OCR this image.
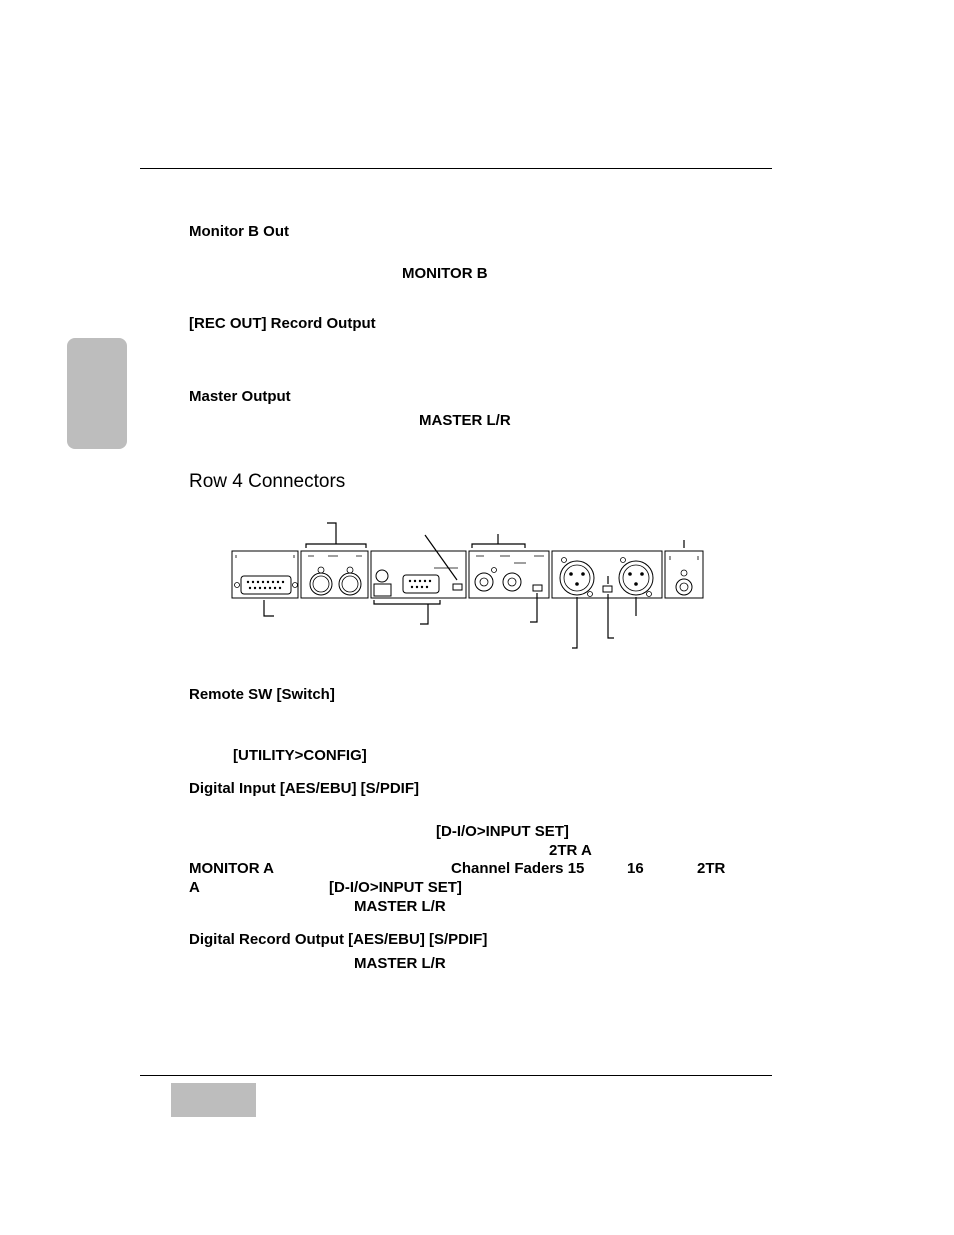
Monitor B Out
MONITOR B
[REC OUT] Record Output
Master Output
MASTER L/R
Row 4 Connectors
Remote SW [Switch]
[UTILITY>CONFIG]
Digital Input [AES/EBU] [S/PDIF]
[D-I/O>INPUT SET]
2TR A
MONITOR A	Channel Faders 15	16	2TR
A	[D-I/O>INPUT SET]
MASTER L/R
Digital Record Output [AES/EBU] [S/PDIF]
MASTER L/R
